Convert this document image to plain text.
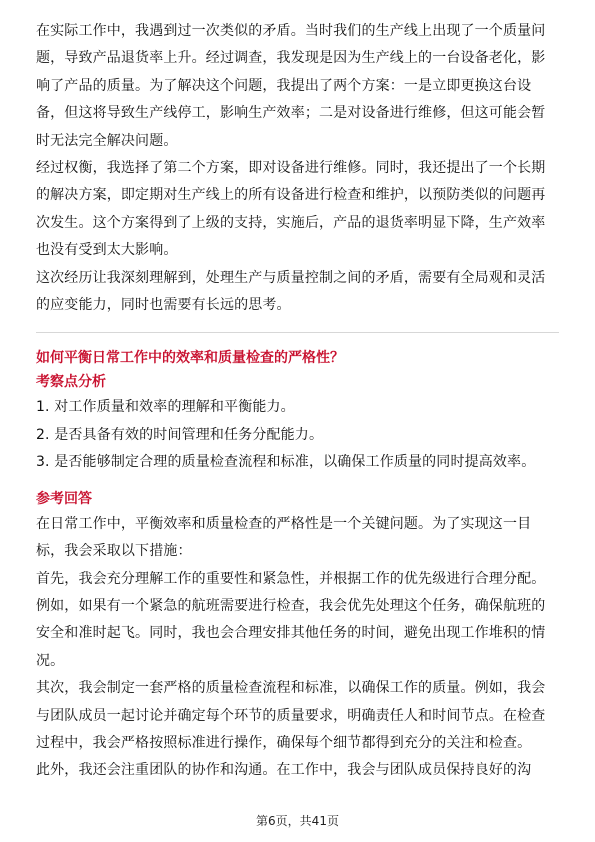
在实际工作中，我遇到过一次类似的矛盾。当时我们的生产线上出现了一个质量问
题，导致产品退货率上升。经过调查，我发现是因为生产线上的一台设备老化，影
响了产品的质量。为了解决这个问题，我提出了两个方案：一是立即更换这台设
备，但这将导致生产线停工，影响生产效率；二是对设备进行维修，但这可能会暂
时无法完全解决问题。

经过权衡，我选择了第二个方案，即对设备进行维修。同时，我还提出了一个长期
的解决方案，即定期对生产线上的所有设备进行检查和维护，以预防类似的问题再
次发生。这个方案得到了上级的支持，实施后，产品的退货率明显下降，生产效率
也没有受到太大影响。

这次经历让我深刻理解到，处理生产与质量控制之间的矛盾，需要有全局观和灵活
的应变能力，同时也需要有长远的思考。

如何平衡日常工作中的效率和质量检查的严格性？

考察点分析

1. 对工作质量和效率的理解和平衡能力。

2. 是否具备有效的时间管理和任务分配能力。

3. 是否能够制定合理的质量检查流程和标准，以确保工作质量的同时提高效率。

参考回答

在日常工作中，平衡效率和质量检查的严格性是一个关键问题。为了实现这一目
标，我会采取以下措施：

首先，我会充分理解工作的重要性和紧急性，并根据工作的优先级进行合理分配。
例如，如果有一个紧急的航班需要进行检查，我会优先处理这个任务，确保航班的
安全和准时起飞。同时，我也会合理安排其他任务的时间，避免出现工作堆积的情
况。

其次，我会制定一套严格的质量检查流程和标准，以确保工作的质量。例如，我会
与团队成员一起讨论并确定每个环节的质量要求，明确责任人和时间节点。在检查
过程中，我会严格按照标准进行操作，确保每个细节都得到充分的关注和检查。

此外，我还会注重团队的协作和沟通。在工作中，我会与团队成员保持良好的沟

第6页，共41页
